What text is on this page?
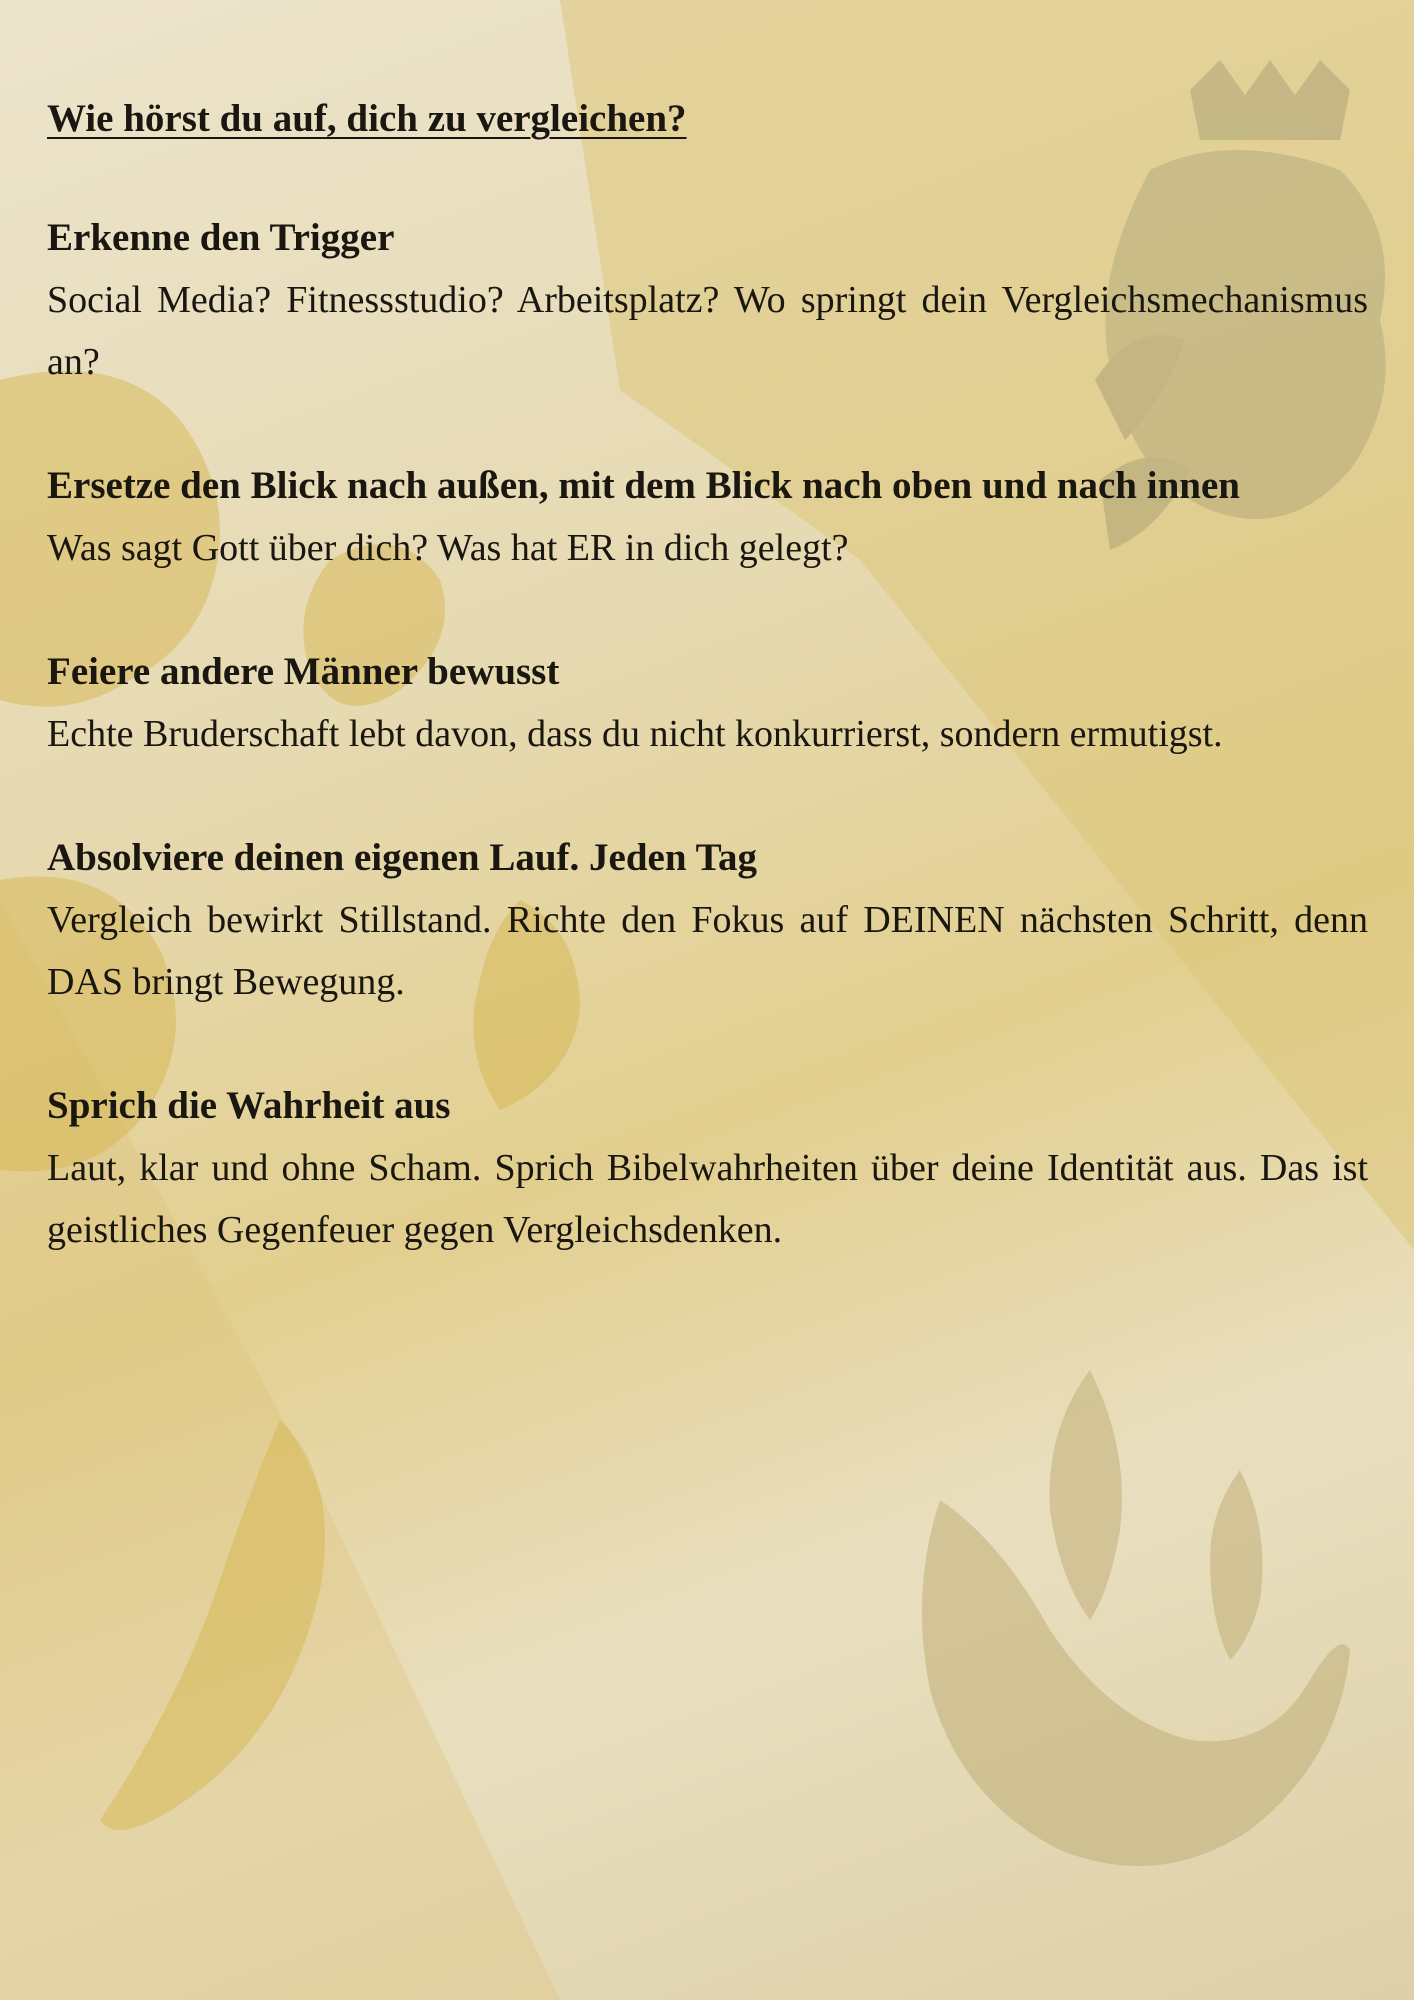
Wie hörst du auf, dich zu vergleichen?
Erkenne den Trigger

Social Media? Fitnessstudio? Arbeitsplatz? Wo springt dein Vergleichsmechanismus an?

Ersetze den Blick nach außen, mit dem Blick nach oben und nach innen

Was sagt Gott über dich? Was hat ER in dich gelegt?

Feiere andere Männer bewusst

Echte Bruderschaft lebt davon, dass du nicht konkurrierst, sondern ermutigst.

Absolviere deinen eigenen Lauf. Jeden Tag

Vergleich bewirkt Stillstand. Richte den Fokus auf DEINEN nächsten Schritt, denn DAS bringt Bewegung.

Sprich die Wahrheit aus

Laut, klar und ohne Scham. Sprich Bibelwahrheiten über deine Identität aus. Das ist geistliches Gegenfeuer gegen Vergleichsdenken.
